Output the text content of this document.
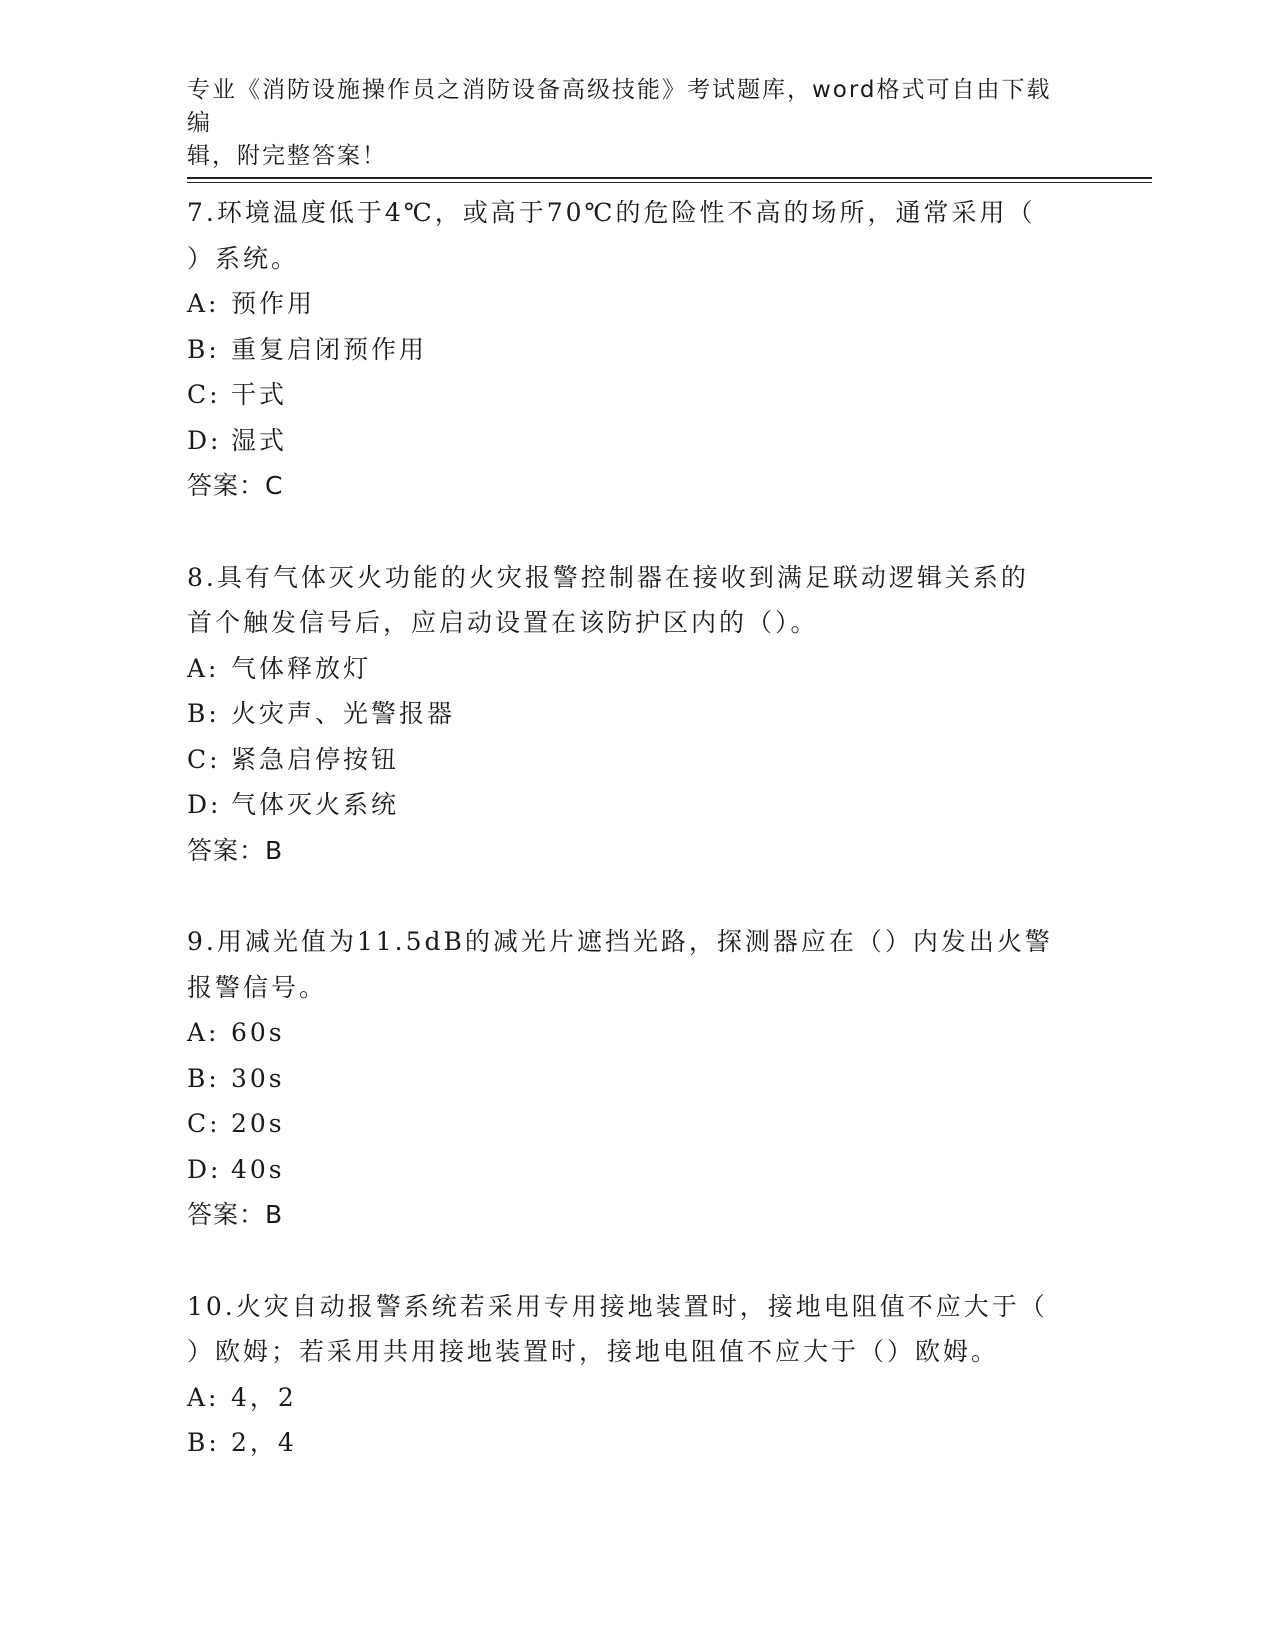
专业《消防设施操作员之消防设备高级技能》考试题库，word格式可自由下载编
辑，附完整答案！
7.环境温度低于4℃，或高于70℃的危险性不高的场所，通常采用（
）系统。
A: 预作用
B: 重复启闭预作用
C: 干式
D: 湿式
答案：C
8.具有气体灭火功能的火灾报警控制器在接收到满足联动逻辑关系的
首个触发信号后，应启动设置在该防护区内的（）。
A: 气体释放灯
B: 火灾声、光警报器
C: 紧急启停按钮
D: 气体灭火系统
答案：B
9.用减光值为11.5dB的减光片遮挡光路，探测器应在（）内发出火警
报警信号。
A: 60s
B: 30s
C: 20s
D: 40s
答案：B
10.火灾自动报警系统若采用专用接地装置时，接地电阻值不应大于（
）欧姆；若采用共用接地装置时，接地电阻值不应大于（）欧姆。
A: 4，2
B: 2，4
